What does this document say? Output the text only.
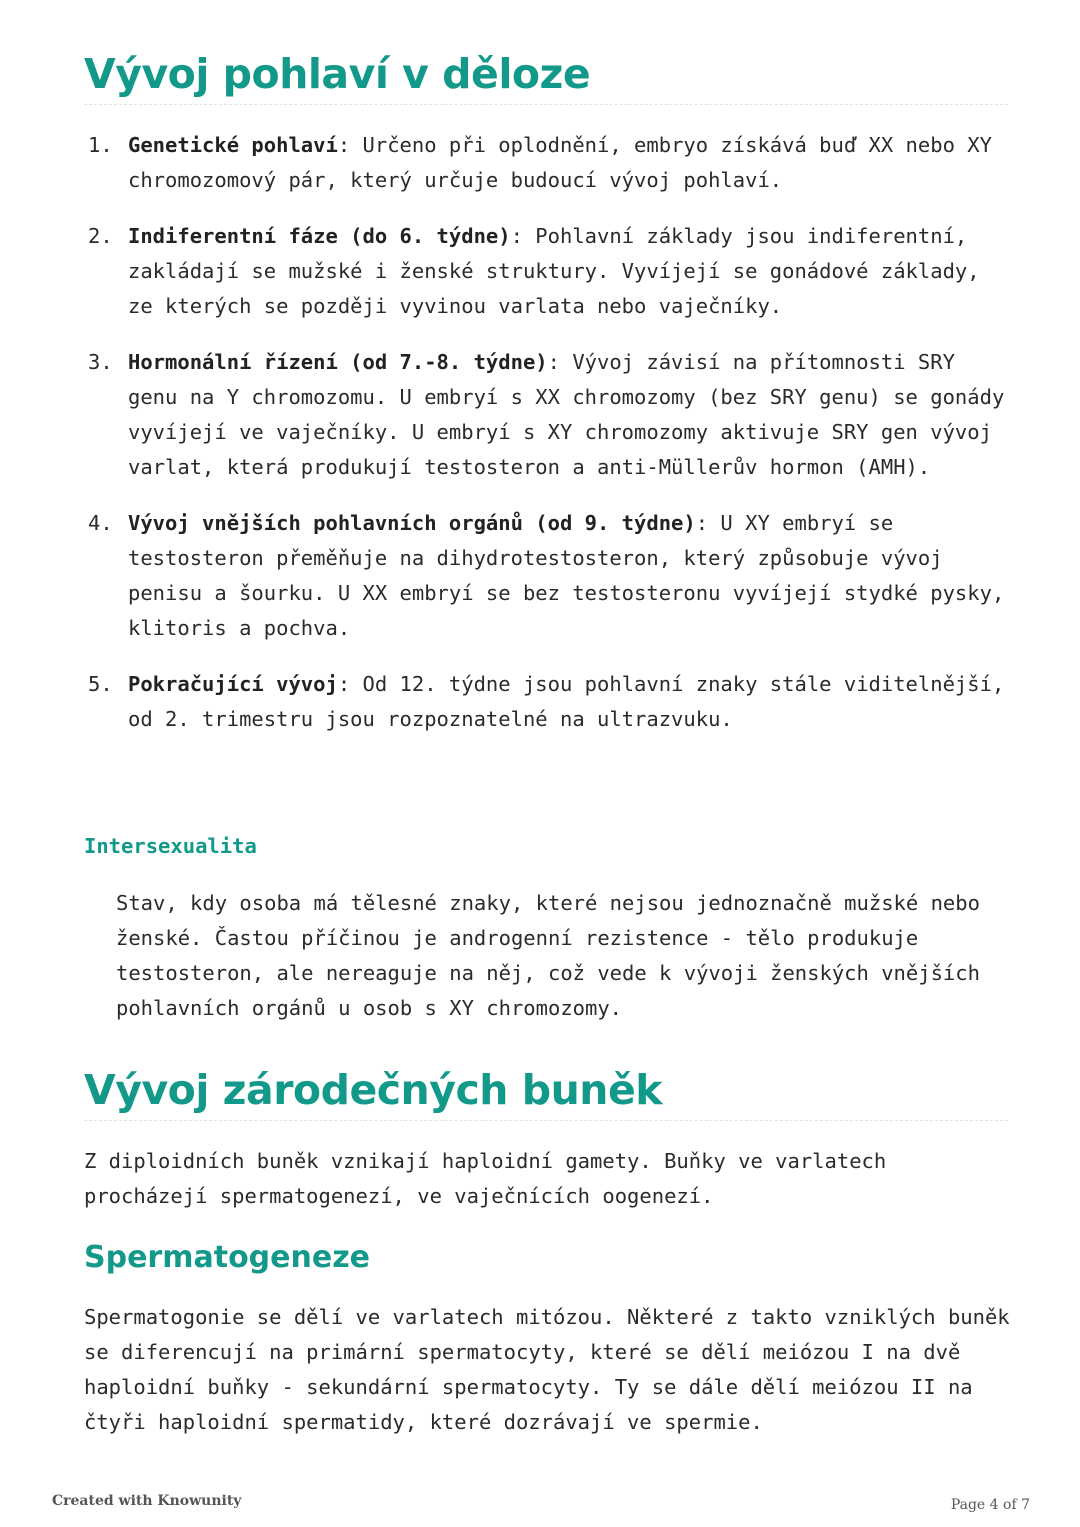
Vývoj pohlaví v děloze
1. Genetické pohlaví: Určeno při oplodnění, embryo získává buď XX nebo XY chromozomový pár, který určuje budoucí vývoj pohlaví.
2. Indiferentní fáze (do 6. týdne): Pohlavní základy jsou indiferentní, zakládají se mužské i ženské struktury. Vyvíjejí se gonádové základy, ze kterých se později vyvinou varlata nebo vaječníky.
3. Hormonální řízení (od 7.-8. týdne): Vývoj závisí na přítomnosti SRY genu na Y chromozomu. U embryí s XX chromozomy (bez SRY genu) se gonády vyvíjejí ve vaječníky. U embryí s XY chromozomy aktivuje SRY gen vývoj varlat, která produkují testosteron a anti-Müllerův hormon (AMH).
4. Vývoj vnějších pohlavních orgánů (od 9. týdne): U XY embryí se testosteron přeměňuje na dihydrotestosteron, který způsobuje vývoj penisu a šourku. U XX embryí se bez testosteronu vyvíjejí stydké pysky, klitoris a pochva.
5. Pokračující vývoj: Od 12. týdne jsou pohlavní znaky stále viditelnější, od 2. trimestru jsou rozpoznatelné na ultrazvuku.
Intersexualita

Stav, kdy osoba má tělesné znaky, které nejsou jednoznačně mužské nebo ženské. Častou příčinou je androgenní rezistence - tělo produkuje testosteron, ale nereaguje na něj, což vede k vývoji ženských vnějších pohlavních orgánů u osob s XY chromozomy.

Vývoj zárodečných buněk

Z diploidních buněk vznikají haploidní gamety. Buňky ve varlatech procházejí spermatogenezí, ve vaječnících oogenezí.

Spermatogeneze

Spermatogonie se dělí ve varlatech mitózou. Některé z takto vzniklých buněk se diferencují na primární spermatocyty, které se dělí meiózou I na dvě haploidní buňky - sekundární spermatocyty. Ty se dále dělí meiózou II na čtyři haploidní spermatidy, které dozrávají ve spermie.

Created with Knowunity	Page 4 of 7
